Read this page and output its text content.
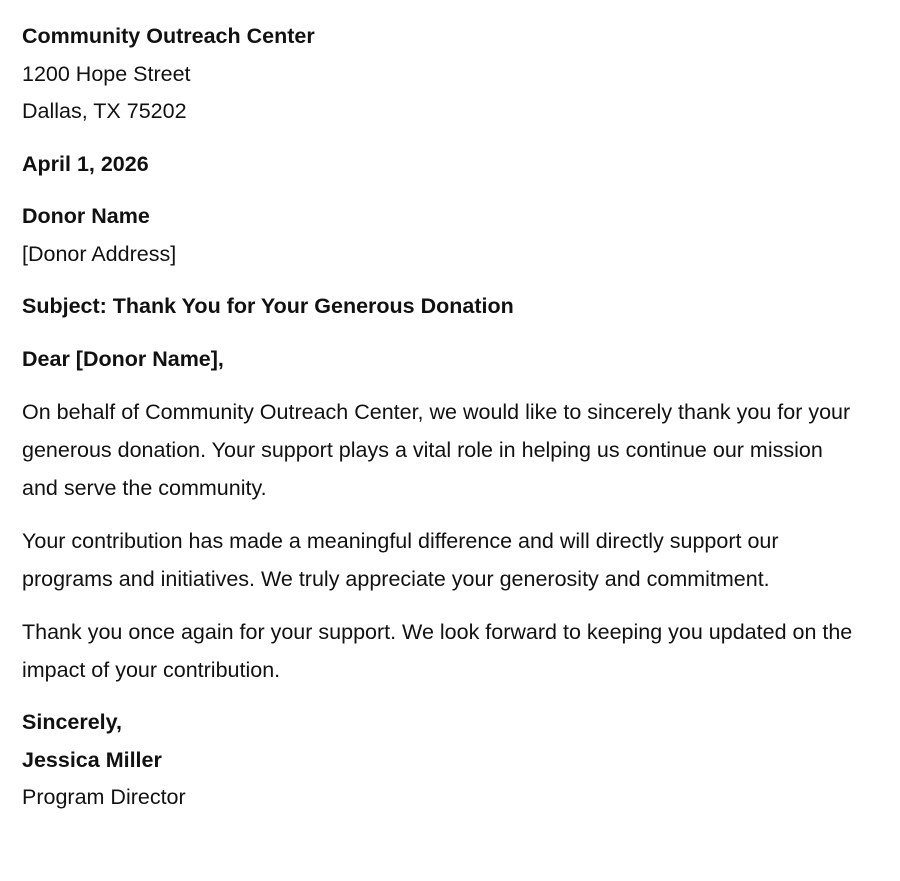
Community Outreach Center
1200 Hope Street
Dallas, TX 75202
April 1, 2026
Donor Name
[Donor Address]
Subject: Thank You for Your Generous Donation
Dear [Donor Name],

On behalf of Community Outreach Center, we would like to sincerely thank you for your generous donation. Your support plays a vital role in helping us continue our mission and serve the community.

Your contribution has made a meaningful difference and will directly support our programs and initiatives. We truly appreciate your generosity and commitment.

Thank you once again for your support. We look forward to keeping you updated on the impact of your contribution.

Sincerely,
Jessica Miller
Program Director
